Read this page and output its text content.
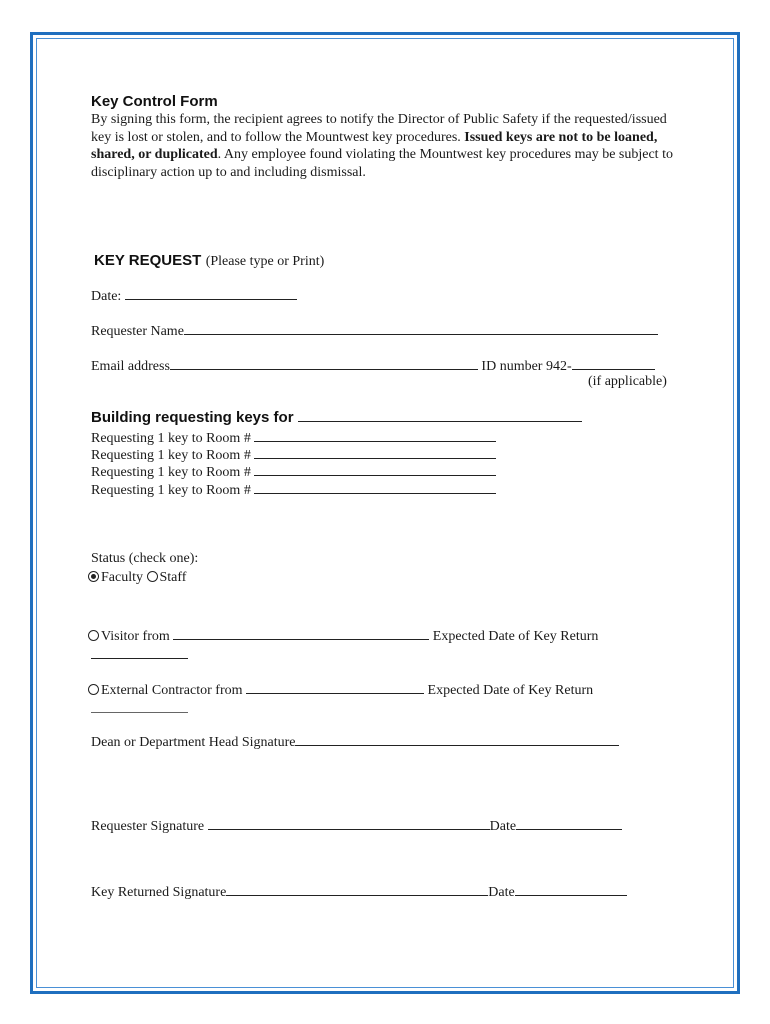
Key Control Form
By signing this form, the recipient agrees to notify the Director of Public Safety if the requested/issued key is lost or stolen, and to follow the Mountwest key procedures. Issued keys are not to be loaned, shared, or duplicated. Any employee found violating the Mountwest key procedures may be subject to disciplinary action up to and including dismissal.
KEY REQUEST (Please type or Print)
Date:
Requester Name
Email address	ID number 942-
(if applicable)
Building requesting keys for
Requesting 1 key to Room #
Requesting 1 key to Room #
Requesting 1 key to Room #
Requesting 1 key to Room #
Status (check one):
Faculty Staff
Visitor from	Expected Date of Key Return
External Contractor from	Expected Date of Key Return
Dean or Department Head Signature
Requester Signature	Date
Key Returned Signature	Date
